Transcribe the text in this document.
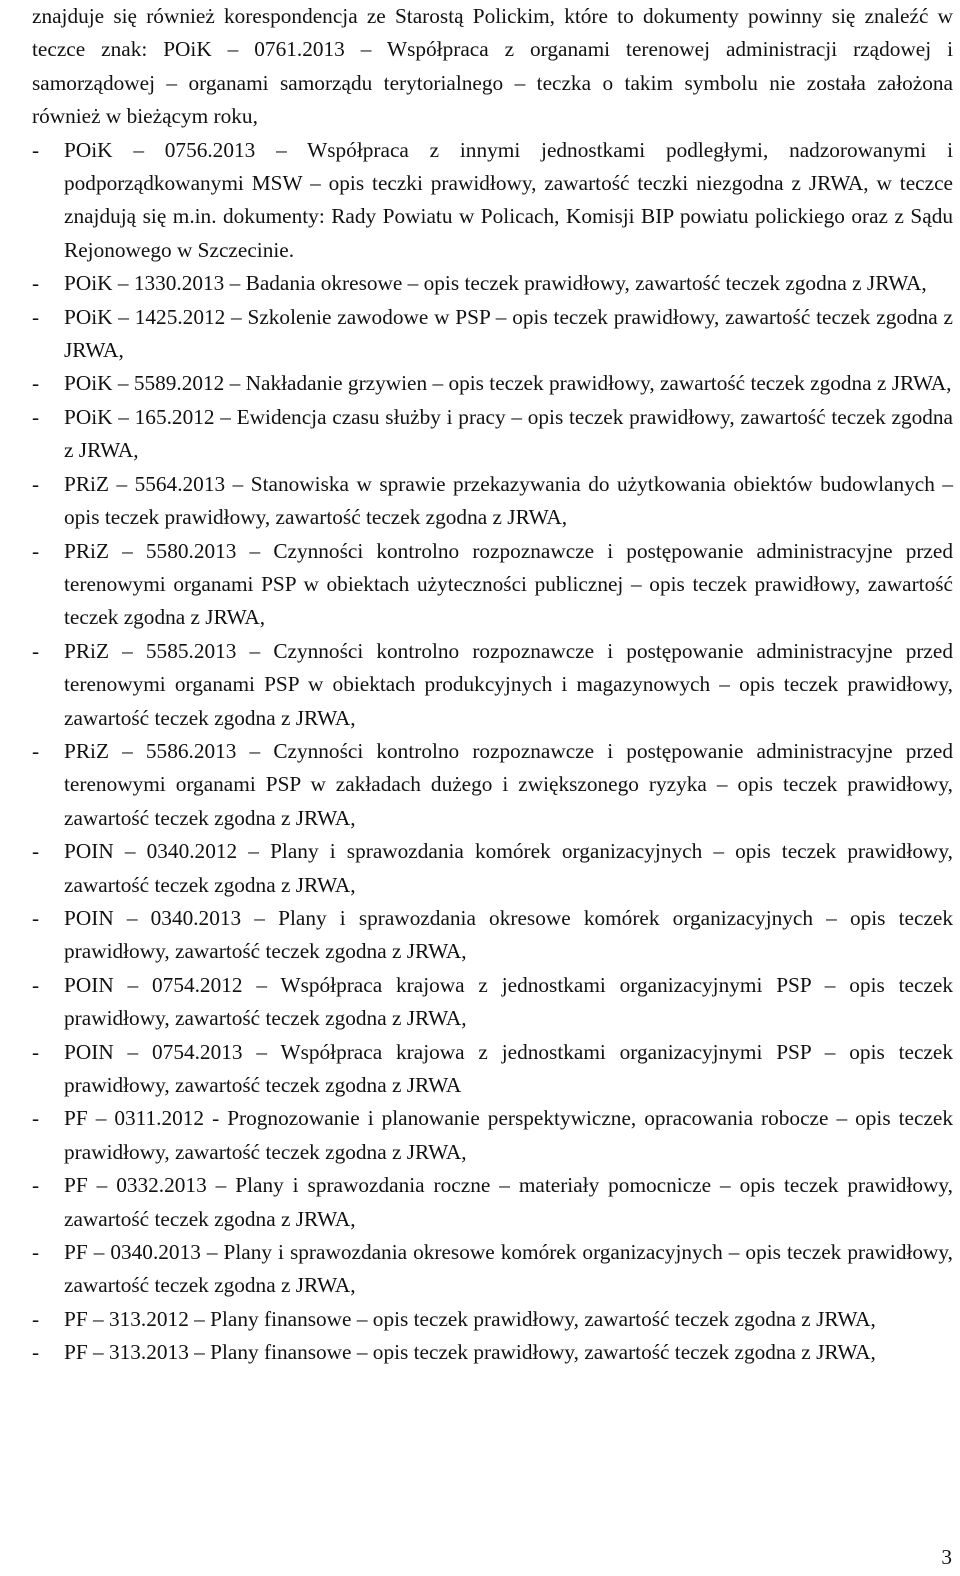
znajduje się również korespondencja ze Starostą Polickim, które to dokumenty powinny się znaleźć w teczce znak: POiK – 0761.2013 – Współpraca z organami terenowej administracji rządowej i samorządowej – organami samorządu terytorialnego – teczka o takim symbolu nie została założona również w bieżącym roku,

-	POiK – 0756.2013 – Współpraca z innymi jednostkami podległymi, nadzorowanymi i podporządkowanymi MSW – opis teczki prawidłowy, zawartość teczki niezgodna z JRWA, w teczce znajdują się m.in. dokumenty: Rady Powiatu w Policach, Komisji BIP powiatu polickiego oraz z Sądu Rejonowego w Szczecinie.
-	POiK – 1330.2013 – Badania okresowe – opis teczek prawidłowy, zawartość teczek zgodna z JRWA,
-	POiK – 1425.2012 – Szkolenie zawodowe w PSP – opis teczek prawidłowy, zawartość teczek zgodna z JRWA,
-	POiK – 5589.2012 – Nakładanie grzywien – opis teczek prawidłowy, zawartość teczek zgodna z JRWA,
-	POiK – 165.2012 – Ewidencja czasu służby i pracy – opis teczek prawidłowy, zawartość teczek zgodna z JRWA,
-	PRiZ – 5564.2013 – Stanowiska w sprawie przekazywania do użytkowania obiektów budowlanych – opis teczek prawidłowy, zawartość teczek zgodna z JRWA,
-	PRiZ – 5580.2013 – Czynności kontrolno rozpoznawcze i postępowanie administracyjne przed terenowymi organami PSP w obiektach użyteczności publicznej – opis teczek prawidłowy, zawartość teczek zgodna z JRWA,
-	PRiZ – 5585.2013 – Czynności kontrolno rozpoznawcze i postępowanie administracyjne przed terenowymi organami PSP w obiektach produkcyjnych i magazynowych – opis teczek prawidłowy, zawartość teczek zgodna z JRWA,
-	PRiZ – 5586.2013 – Czynności kontrolno rozpoznawcze i postępowanie administracyjne przed terenowymi organami PSP w zakładach dużego i zwiększonego ryzyka – opis teczek prawidłowy, zawartość teczek zgodna z JRWA,
-	POIN – 0340.2012 – Plany i sprawozdania komórek organizacyjnych – opis teczek prawidłowy, zawartość teczek zgodna z JRWA,
-	POIN – 0340.2013 – Plany i sprawozdania okresowe komórek organizacyjnych – opis teczek prawidłowy, zawartość teczek zgodna z JRWA,
-	POIN – 0754.2012 – Współpraca krajowa z jednostkami organizacyjnymi PSP – opis teczek prawidłowy, zawartość teczek zgodna z JRWA,
-	POIN – 0754.2013 – Współpraca krajowa z jednostkami organizacyjnymi PSP – opis teczek prawidłowy, zawartość teczek zgodna z JRWA
-	PF – 0311.2012 - Prognozowanie i planowanie perspektywiczne, opracowania robocze – opis teczek prawidłowy, zawartość teczek zgodna z JRWA,
-	PF – 0332.2013 – Plany i sprawozdania roczne – materiały pomocnicze – opis teczek prawidłowy, zawartość teczek zgodna z JRWA,
-	PF – 0340.2013 – Plany i sprawozdania okresowe komórek organizacyjnych – opis teczek prawidłowy, zawartość teczek zgodna z JRWA,
-	PF – 313.2012 – Plany finansowe – opis teczek prawidłowy, zawartość teczek zgodna z JRWA,
-	PF – 313.2013 – Plany finansowe – opis teczek prawidłowy, zawartość teczek zgodna z JRWA,
3
